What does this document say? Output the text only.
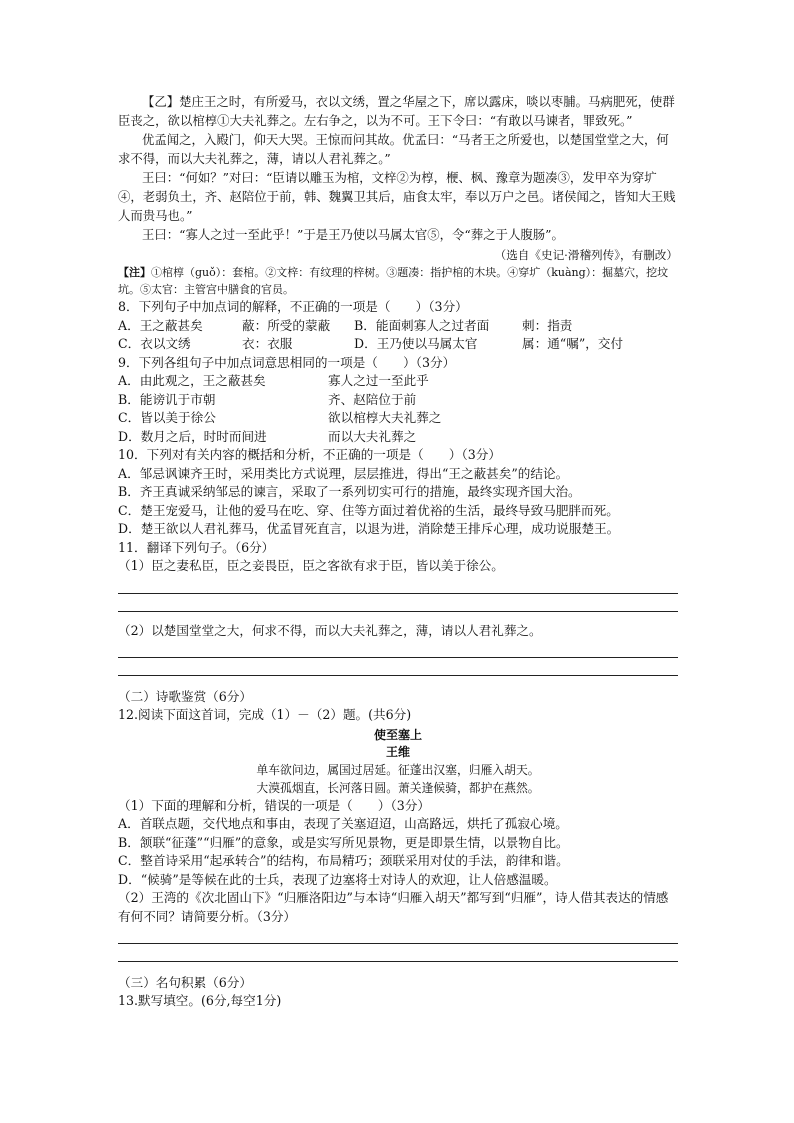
【乙】楚庄王之时，有所爱马，衣以文绣，置之华屋之下，席以露床，啖以枣脯。马病肥死，使群臣丧之，欲以棺椁①大夫礼葬之。左右争之，以为不可。王下令曰：“有敢以马谏者，罪致死。”

优孟闻之，入殿门，仰天大哭。王惊而问其故。优孟曰：“马者王之所爱也，以楚国堂堂之大，何求不得，而以大夫礼葬之，薄，请以人君礼葬之。”

王曰：“何如？”对曰：“臣请以雕玉为棺，文梓②为椁，楩、枫、豫章为题凑③，发甲卒为穿圹④，老弱负土，齐、赵陪位于前，韩、魏翼卫其后，庙食太牢，奉以万户之邑。诸侯闻之，皆知大王贱人而贵马也。”

王曰：“寡人之过一至此乎！”于是王乃使以马属太官⑤，令“葬之于人腹肠”。

（选自《史记·滑稽列传》，有删改）

【注】①棺椁（guǒ）：套棺。②文梓：有纹理的梓树。③题凑：指护棺的木块。④穿圹（kuàng）：掘墓穴，挖坟坑。⑤太官：主管宫中膳食的官员。

8．下列句子中加点词的解释，不正确的一项是（　　）（3分）

A．王之蔽甚矣	蔽：所受的蒙蔽	B．能面刺寡人之过者面	刺：指责
C．衣以文绣	衣：衣服	D．王乃使以马属太官	属：通“嘱”，交付

9．下列各组句子中加点词意思相同的一项是（　　）（3分）

A．由此观之，王之蔽甚矣	寡人之过一至此乎
B．能谤讥于市朝	齐、赵陪位于前
C．皆以美于徐公	欲以棺椁大夫礼葬之
D．数月之后，时时而间进	而以大夫礼葬之

10．下列对有关内容的概括和分析，不正确的一项是（　　）（3分）

A．邹忌讽谏齐王时，采用类比方式说理，层层推进，得出“王之蔽甚矣”的结论。

B．齐王真诚采纳邹忌的谏言，采取了一系列切实可行的措施，最终实现齐国大治。

C．楚王宠爱马，让他的爱马在吃、穿、住等方面过着优裕的生活，最终导致马肥胖而死。

D．楚王欲以人君礼葬马，优孟冒死直言，以退为进，消除楚王排斥心理，成功说服楚王。

11．翻译下列句子。（6分）

（1）臣之妻私臣，臣之妾畏臣，臣之客欲有求于臣，皆以美于徐公。

（2）以楚国堂堂之大，何求不得，而以大夫礼葬之，薄，请以人君礼葬之。

（二）诗歌鉴赏（6分）

12.阅读下面这首词，完成（1）－（2）题。(共6分)

使至塞上

王维

单车欲问边，属国过居延。征蓬出汉塞，归雁入胡天。

大漠孤烟直，长河落日圆。萧关逢候骑，都护在燕然。

（1）下面的理解和分析，错误的一项是（　　）（3分）

A．首联点题，交代地点和事由，表现了关塞迢迢，山高路远，烘托了孤寂心境。

B．颔联“征蓬”“归雁”的意象，或是实写所见景物，更是即景生情，以景物自比。

C．整首诗采用“起承转合”的结构，布局精巧；颈联采用对仗的手法，韵律和谐。

D．“候骑”是等候在此的士兵，表现了边塞将士对诗人的欢迎，让人倍感温暖。

（2）王湾的《次北固山下》“归雁洛阳边”与本诗“归雁入胡天”都写到“归雁”，诗人借其表达的情感有何不同？请简要分析。（3分）

（三）名句积累（6分）

13.默写填空。(6分,每空1分)
